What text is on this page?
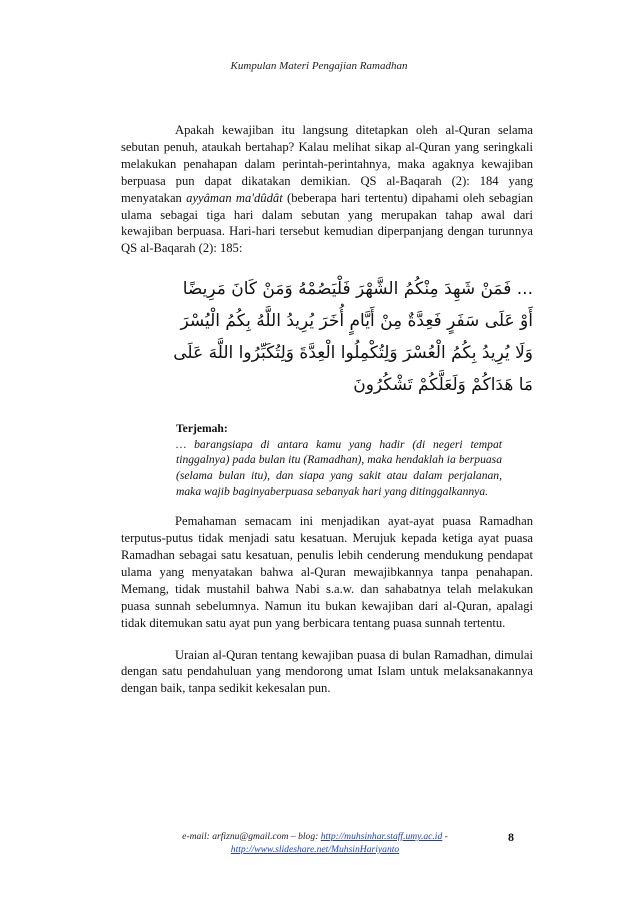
Kumpulan Materi Pengajian Ramadhan

Apakah kewajiban itu langsung ditetapkan oleh al-Quran selama sebutan penuh, ataukah bertahap? Kalau melihat sikap al-Quran yang seringkali melakukan penahapan dalam perintah-perintahnya, maka agaknya kewajiban berpuasa pun dapat dikatakan demikian. QS al-Baqarah (2): 184 yang menyatakan ayyâman ma'dûdât (beberapa hari tertentu) dipahami oleh sebagian ulama sebagai tiga hari dalam sebutan yang merupakan tahap awal dari kewajiban berpuasa. Hari-hari tersebut kemudian diperpanjang dengan turunnya QS al-Baqarah (2): 185:

... فَمَنْ شَهِدَ مِنْكُمُ الشَّهْرَ فَلْيَصُمْهُ وَمَنْ كَانَ مَرِيضًا
أَوْ عَلَى سَفَرٍ فَعِدَّةٌ مِنْ أَيَّامٍ أُخَرَ يُرِيدُ اللَّهُ بِكُمُ الْيُسْرَ
وَلَا يُرِيدُ بِكُمُ الْعُسْرَ وَلِتُكْمِلُوا الْعِدَّةَ وَلِتُكَبِّرُوا اللَّهَ عَلَى
مَا هَدَاكُمْ وَلَعَلَّكُمْ تَشْكُرُونَ
Terjemah:
… barangsiapa di antara kamu yang hadir (di negeri tempat tinggalnya) pada bulan itu (Ramadhan), maka hendaklah ia berpuasa (selama bulan itu), dan siapa yang sakit atau dalam perjalanan, maka wajib baginyaberpuasa sebanyak hari yang ditinggalkannya.

Pemahaman semacam ini menjadikan ayat-ayat puasa Ramadhan terputus-putus tidak menjadi satu kesatuan. Merujuk kepada ketiga ayat puasa Ramadhan sebagai satu kesatuan, penulis lebih cenderung mendukung pendapat ulama yang menyatakan bahwa al-Quran mewajibkannya tanpa penahapan. Memang, tidak mustahil bahwa Nabi s.a.w. dan sahabatnya telah melakukan puasa sunnah sebelumnya. Namun itu bukan kewajiban dari al-Quran, apalagi tidak ditemukan satu ayat pun yang berbicara tentang puasa sunnah tertentu.

Uraian al-Quran tentang kewajiban puasa di bulan Ramadhan, dimulai dengan satu pendahuluan yang mendorong umat Islam untuk melaksanakannya dengan baik, tanpa sedikit kekesalan pun.

e-mail: arfiznu@gmail.com – blog: http://muhsinhar.staff.umy.ac.id -
http://www.slideshare.net/MuhsinHariyanto
8
